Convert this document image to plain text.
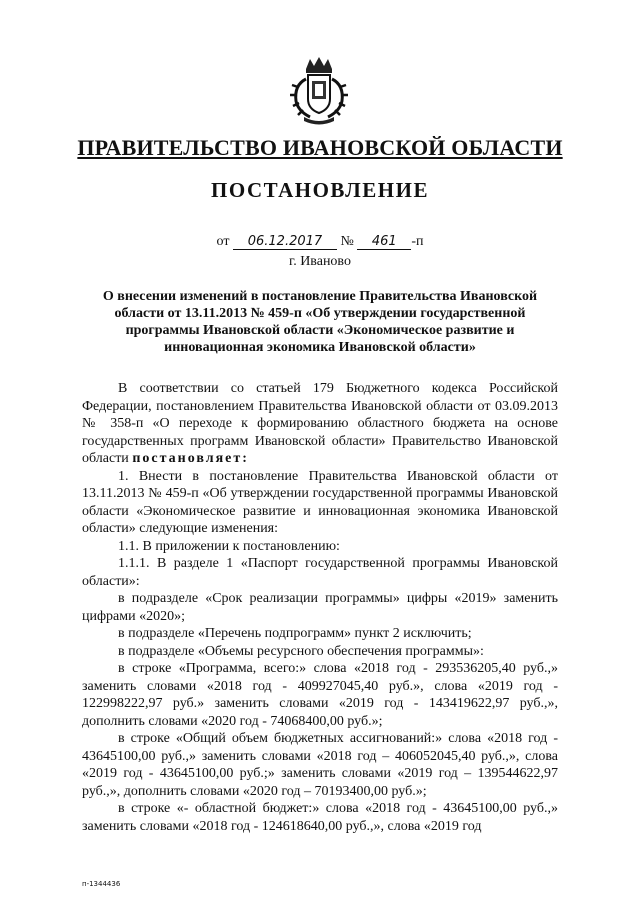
ПРАВИТЕЛЬСТВО ИВАНОВСКОЙ ОБЛАСТИ
ПОСТАНОВЛЕНИЕ
от 06.12.2017 № 461 -п
г. Иваново
О внесении изменений в постановление Правительства Ивановской области от 13.11.2013 № 459-п «Об утверждении государственной программы Ивановской области «Экономическое развитие и инновационная экономика Ивановской области»

В соответствии со статьей 179 Бюджетного кодекса Российской Федерации, постановлением Правительства Ивановской области от 03.09.2013 № 358-п «О переходе к формированию областного бюджета на основе государственных программ Ивановской области» Правительство Ивановской области постановляет:

1. Внести в постановление Правительства Ивановской области от 13.11.2013 № 459-п «Об утверждении государственной программы Ивановской области «Экономическое развитие и инновационная экономика Ивановской области» следующие изменения:

1.1. В приложении к постановлению:

1.1.1. В разделе 1 «Паспорт государственной программы Ивановской области»:

в подразделе «Срок реализации программы» цифры «2019» заменить цифрами «2020»;

в подразделе «Перечень подпрограмм» пункт 2 исключить;

в подразделе «Объемы ресурсного обеспечения программы»:

в строке «Программа, всего:» слова «2018 год - 293536205,40 руб.,» заменить словами «2018 год - 409927045,40 руб.», слова «2019 год - 122998222,97 руб.» заменить словами «2019 год - 143419622,97 руб.,», дополнить словами «2020 год - 74068400,00 руб.»;

в строке «Общий объем бюджетных ассигнований:» слова «2018 год - 43645100,00 руб.,» заменить словами «2018 год – 406052045,40 руб.,», слова «2019 год - 43645100,00 руб.;» заменить словами «2019 год – 139544622,97 руб.,», дополнить словами «2020 год – 70193400,00 руб.»;

в строке «- областной бюджет:» слова «2018 год - 43645100,00 руб.,» заменить словами «2018 год - 124618640,00 руб.,», слова «2019 год

п-1344436
